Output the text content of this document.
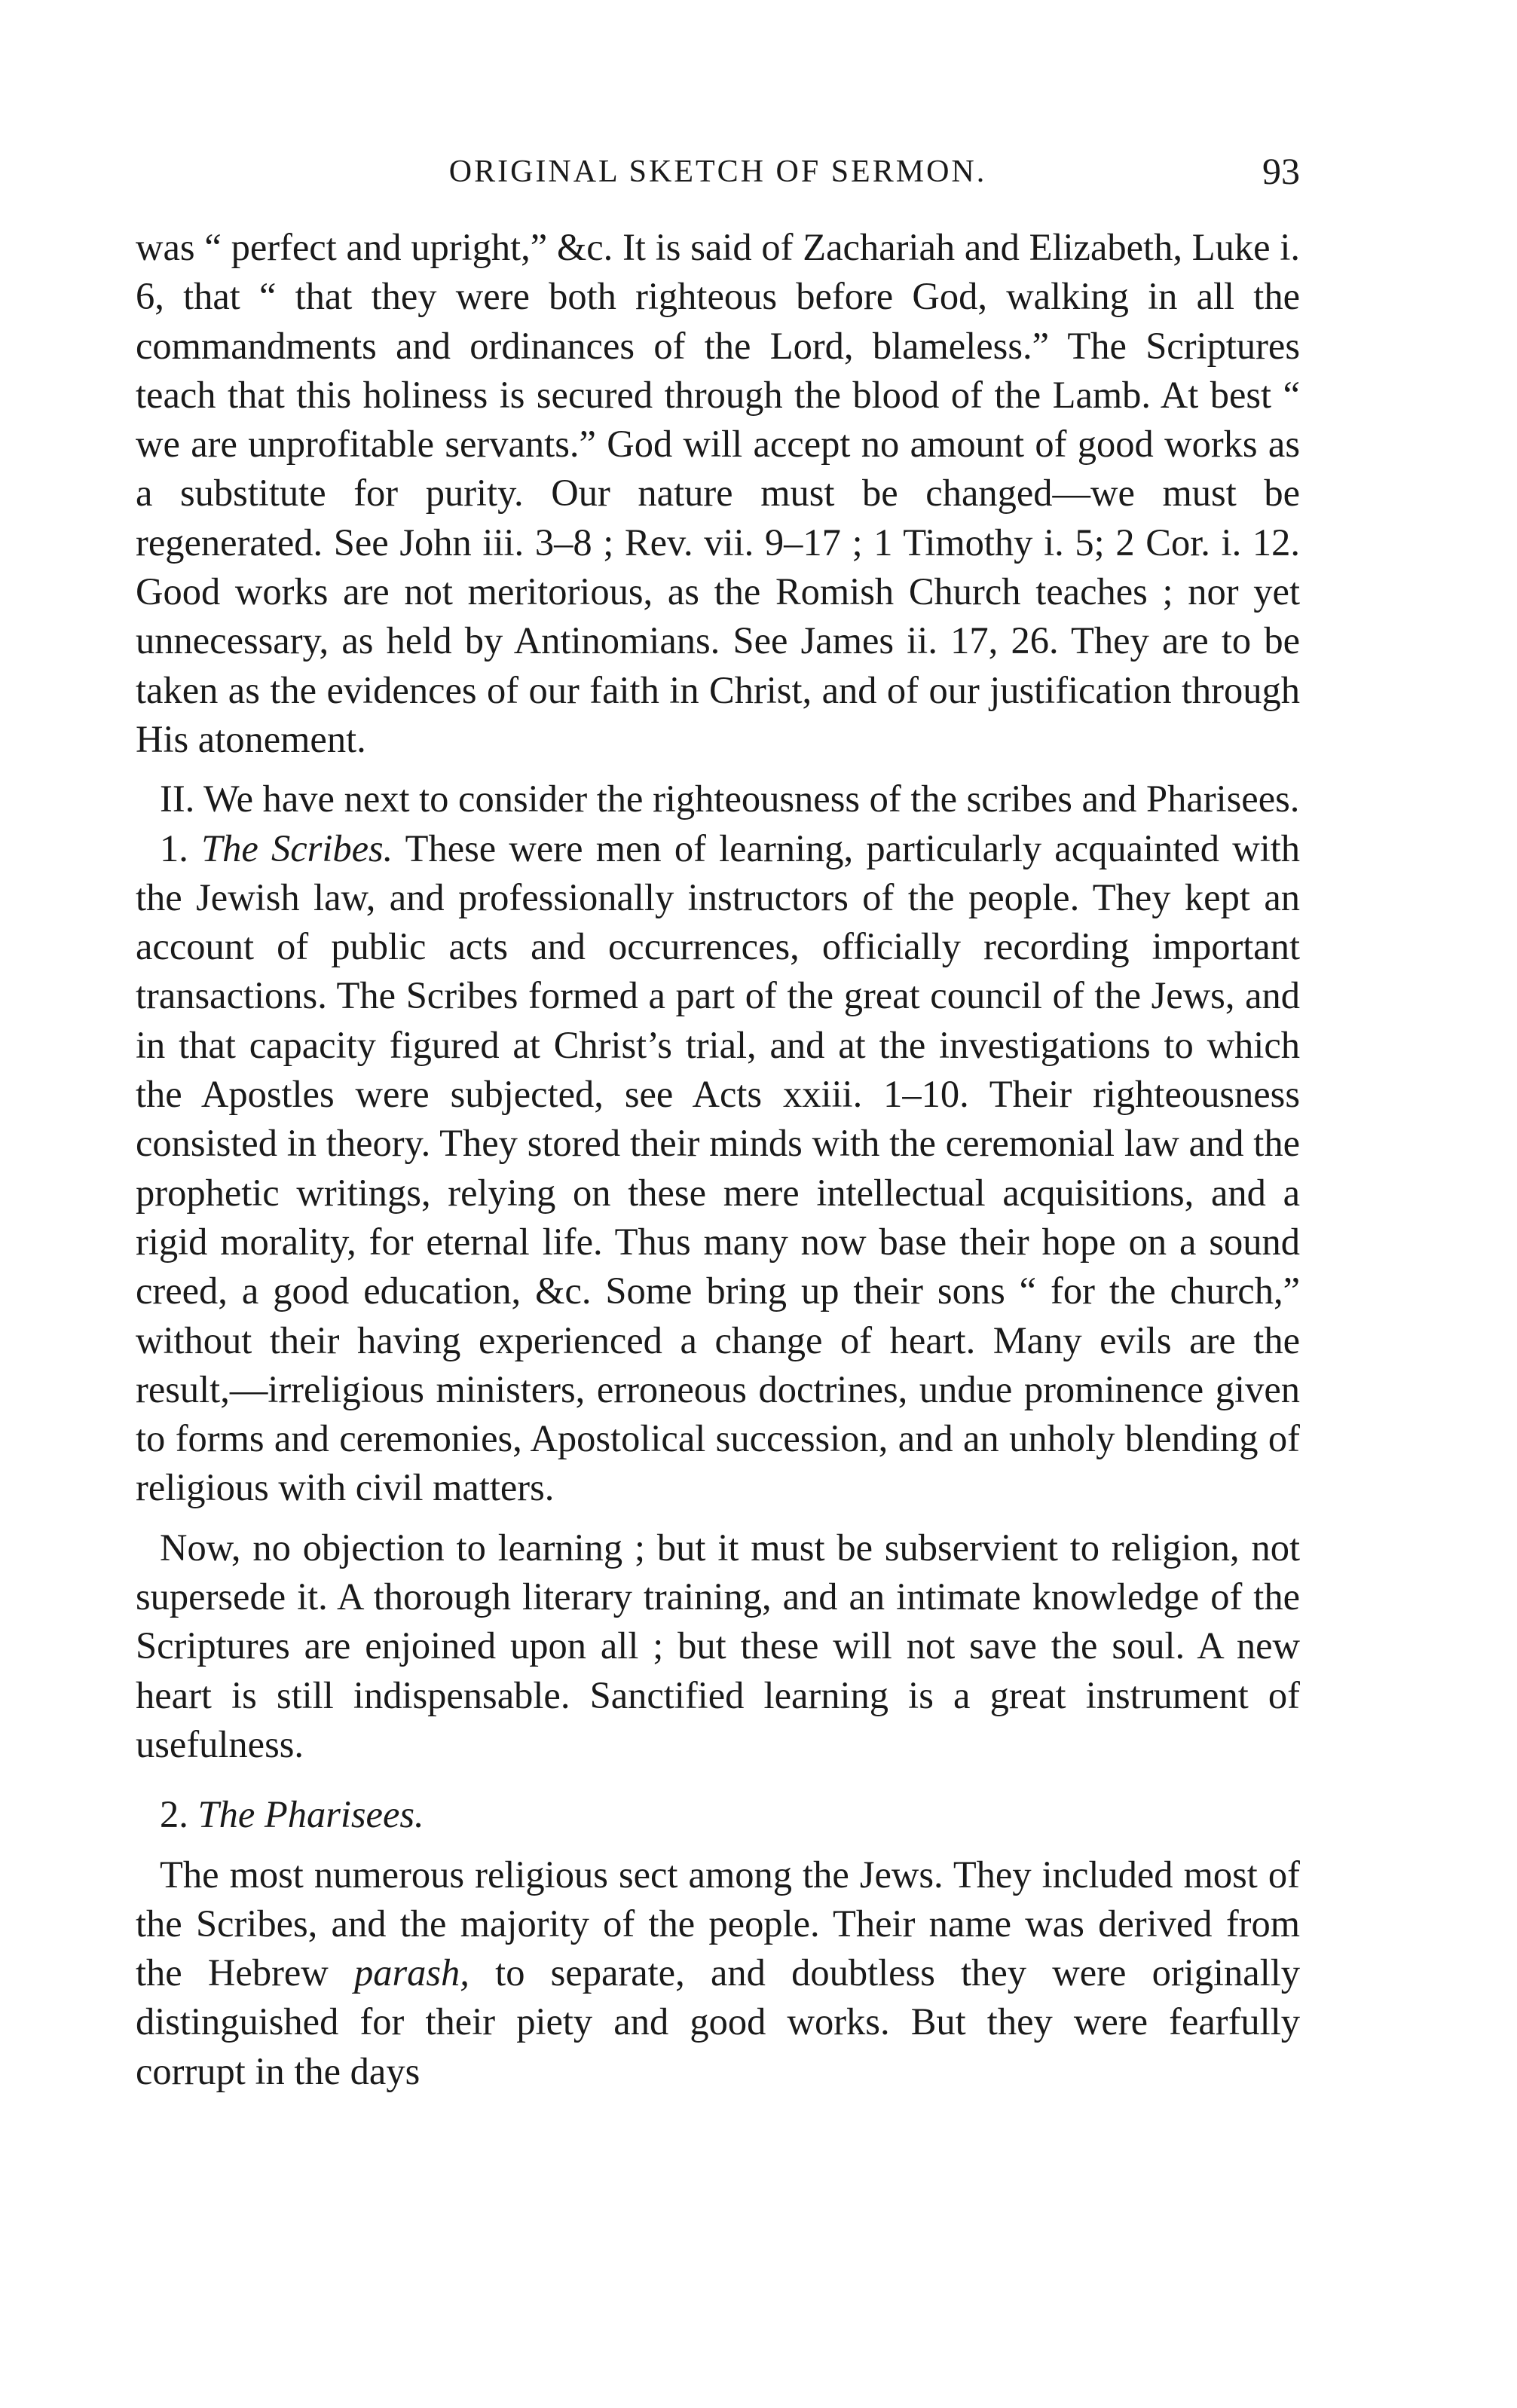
ORIGINAL SKETCH OF SERMON.	93

was “ perfect and upright,” &c. It is said of Zachariah and Elizabeth, Luke i. 6, that “ that they were both righteous before God, walking in all the commandments and ordinances of the Lord, blameless.” The Scriptures teach that this holiness is secured through the blood of the Lamb. At best “ we are unprofitable servants.” God will accept no amount of good works as a substitute for purity. Our nature must be changed—we must be regenerated. See John iii. 3–8 ; Rev. vii. 9–17 ; 1 Timothy i. 5; 2 Cor. i. 12. Good works are not meritorious, as the Romish Church teaches ; nor yet unnecessary, as held by Antinomians. See James ii. 17, 26. They are to be taken as the evidences of our faith in Christ, and of our justification through His atonement.

II. We have next to consider the righteousness of the scribes and Pharisees.

1. The Scribes. These were men of learning, particularly acquainted with the Jewish law, and professionally instructors of the people. They kept an account of public acts and occurrences, officially recording important transactions. The Scribes formed a part of the great council of the Jews, and in that capacity figured at Christ’s trial, and at the investigations to which the Apostles were subjected, see Acts xxiii. 1–10. Their righteousness consisted in theory. They stored their minds with the ceremonial law and the prophetic writings, relying on these mere intellectual acquisitions, and a rigid morality, for eternal life. Thus many now base their hope on a sound creed, a good education, &c. Some bring up their sons “ for the church,” without their having experienced a change of heart. Many evils are the result,—irreligious ministers, erroneous doctrines, undue prominence given to forms and ceremonies, Apostolical succession, and an unholy blending of religious with civil matters.

Now, no objection to learning ; but it must be subservient to religion, not supersede it. A thorough literary training, and an intimate knowledge of the Scriptures are enjoined upon all ; but these will not save the soul. A new heart is still indispensable. Sanctified learning is a great instrument of usefulness.

2. The Pharisees.

The most numerous religious sect among the Jews. They included most of the Scribes, and the majority of the people. Their name was derived from the Hebrew parash, to separate, and doubtless they were originally distinguished for their piety and good works. But they were fearfully corrupt in the days
